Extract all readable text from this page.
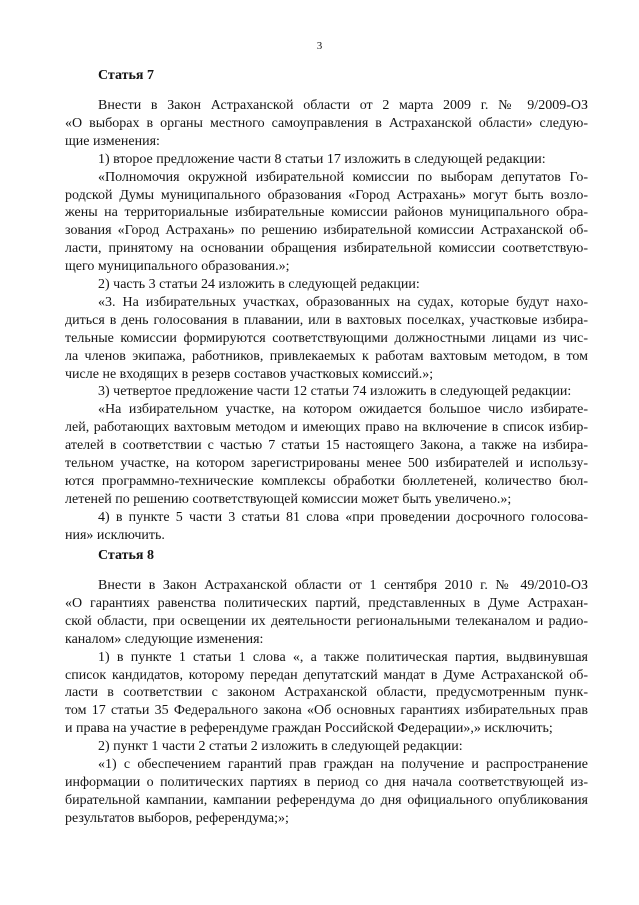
3
Статья 7
Внести в Закон Астраханской области от 2 марта 2009 г. № 9/2009-ОЗ
«О выборах в органы местного самоуправления в Астраханской области» следую-
щие изменения:
1) второе предложение части 8 статьи 17 изложить в следующей редакции:
«Полномочия окружной избирательной комиссии по выборам депутатов Го-
родской Думы муниципального образования «Город Астрахань» могут быть возло-
жены на территориальные избирательные комиссии районов муниципального обра-
зования «Город Астрахань» по решению избирательной комиссии Астраханской об-
ласти, принятому на основании обращения избирательной комиссии соответствую-
щего муниципального образования.»;
2) часть 3 статьи 24 изложить в следующей редакции:
«3. На избирательных участках, образованных на судах, которые будут нахо-
диться в день голосования в плавании, или в вахтовых поселках, участковые избира-
тельные комиссии формируются соответствующими должностными лицами из чис-
ла членов экипажа, работников, привлекаемых к работам вахтовым методом, в том
числе не входящих в резерв составов участковых комиссий.»;
3) четвертое предложение части 12 статьи 74 изложить в следующей редакции:
«На избирательном участке, на котором ожидается большое число избирате-
лей, работающих вахтовым методом и имеющих право на включение в список избир-
ателей в соответствии с частью 7 статьи 15 настоящего Закона, а также на избира-
тельном участке, на котором зарегистрированы менее 500 избирателей и использу-
ются программно-технические комплексы обработки бюллетеней, количество бюл-
летеней по решению соответствующей комиссии может быть увеличено.»;
4) в пункте 5 части 3 статьи 81 слова «при проведении досрочного голосова-
ния» исключить.
Статья 8
Внести в Закон Астраханской области от 1 сентября 2010 г. № 49/2010-ОЗ
«О гарантиях равенства политических партий, представленных в Думе Астрахан-
ской области, при освещении их деятельности региональными телеканалом и радио-
каналом» следующие изменения:
1) в пункте 1 статьи 1 слова «, а также политическая партия, выдвинувшая
список кандидатов, которому передан депутатский мандат в Думе Астраханской об-
ласти в соответствии с законом Астраханской области, предусмотренным пунк-
том 17 статьи 35 Федерального закона «Об основных гарантиях избирательных прав
и права на участие в референдуме граждан Российской Федерации»,» исключить;
2) пункт 1 части 2 статьи 2 изложить в следующей редакции:
«1) с обеспечением гарантий прав граждан на получение и распространение
информации о политических партиях в период со дня начала соответствующей из-
бирательной кампании, кампании референдума до дня официального опубликования
результатов выборов, референдума;»;
